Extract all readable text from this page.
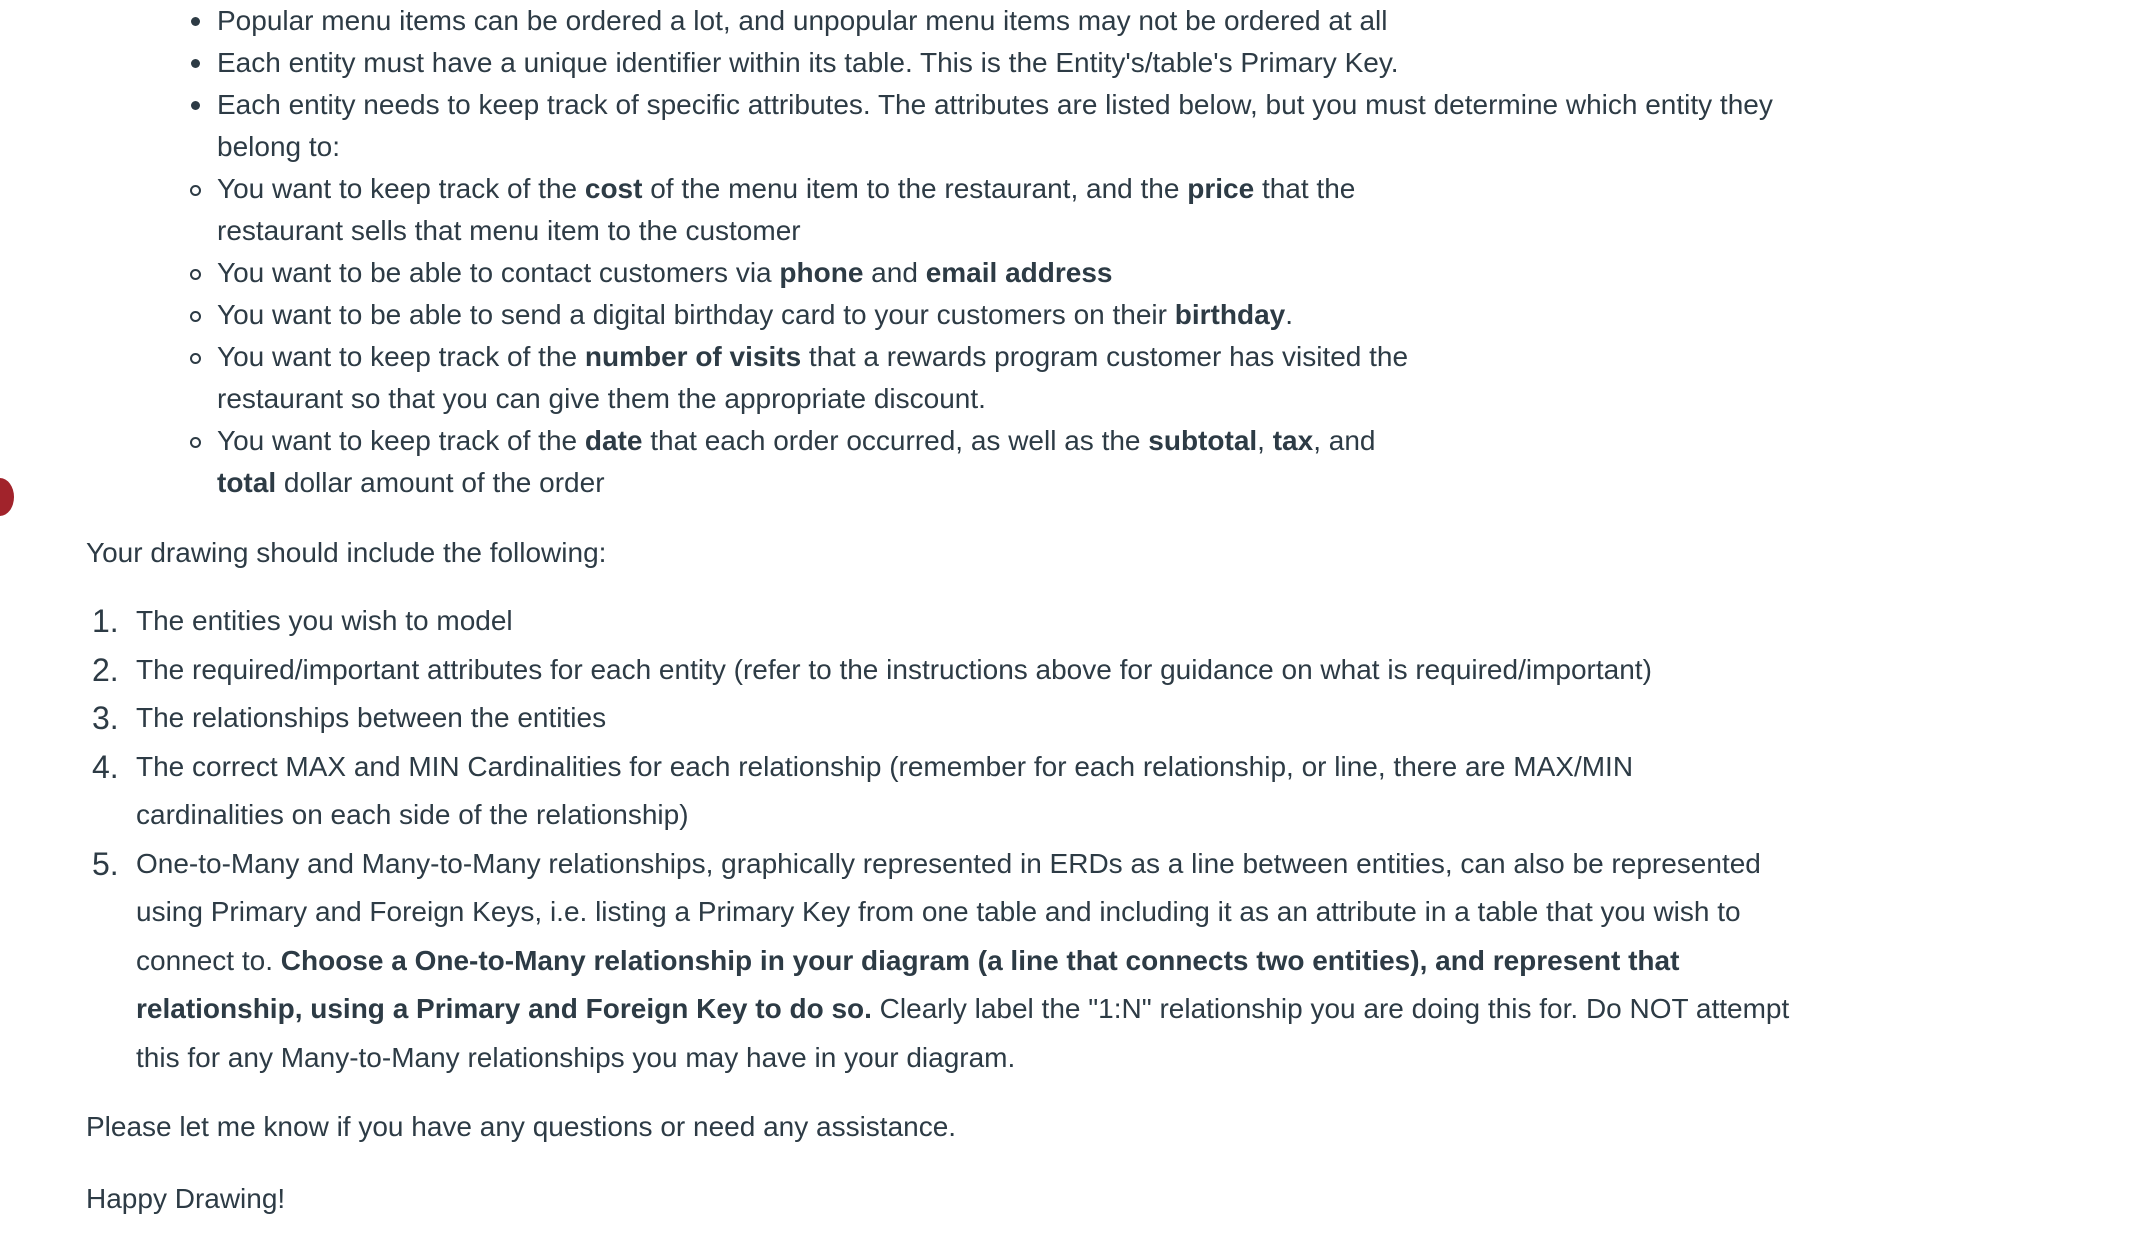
Popular menu items can be ordered a lot, and unpopular menu items may not be ordered at all
Each entity must have a unique identifier within its table. This is the Entity's/table's Primary Key.
Each entity needs to keep track of specific attributes. The attributes are listed below, but you must determine which entity they belong to:
You want to keep track of the cost of the menu item to the restaurant, and the price that the restaurant sells that menu item to the customer
You want to be able to contact customers via phone and email address
You want to be able to send a digital birthday card to your customers on their birthday.
You want to keep track of the number of visits that a rewards program customer has visited the restaurant so that you can give them the appropriate discount.
You want to keep track of the date that each order occurred, as well as the subtotal, tax, and total dollar amount of the order

Your drawing should include the following:

1. The entities you wish to model
2. The required/important attributes for each entity (refer to the instructions above for guidance on what is required/important)
3. The relationships between the entities
4. The correct MAX and MIN Cardinalities for each relationship (remember for each relationship, or line, there are MAX/MIN cardinalities on each side of the relationship)
5. One-to-Many and Many-to-Many relationships, graphically represented in ERDs as a line between entities, can also be represented using Primary and Foreign Keys, i.e. listing a Primary Key from one table and including it as an attribute in a table that you wish to connect to. Choose a One-to-Many relationship in your diagram (a line that connects two entities), and represent that relationship, using a Primary and Foreign Key to do so. Clearly label the "1:N" relationship you are doing this for. Do NOT attempt this for any Many-to-Many relationships you may have in your diagram.

Please let me know if you have any questions or need any assistance.

Happy Drawing!
